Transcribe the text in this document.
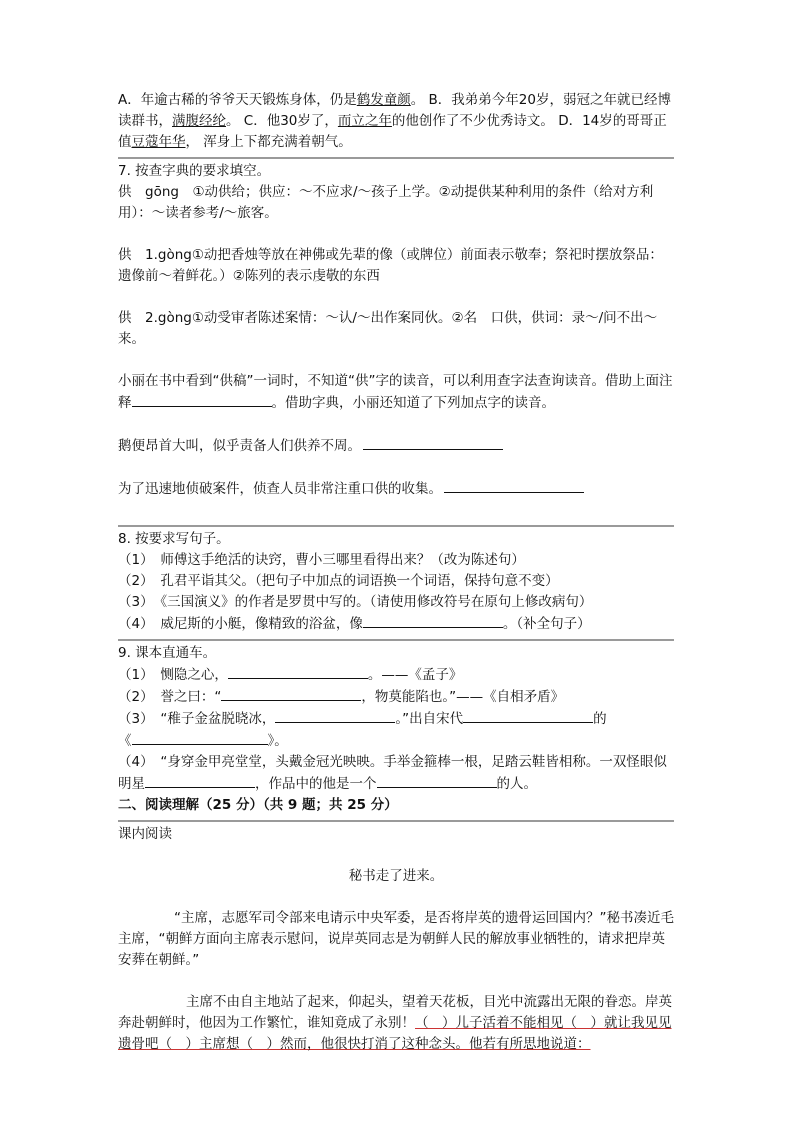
A．年逾古稀的爷爷天天锻炼身体，仍是鹤发童颜。 B．我弟弟今年20岁，弱冠之年就已经博读群书，满腹经纶。 C．他30岁了，而立之年的他创作了不少优秀诗文。 D．14岁的哥哥正值豆蔻年华， 浑身上下都充满着朝气。

7. 按查字典的要求填空。

供　gōng　①动供给；供应：～不应求/～孩子上学。②动提供某种利用的条件（给对方利用）：～读者参考/～旅客。

供　1.gòng①动把香烛等放在神佛或先辈的像（或牌位）前面表示敬奉；祭祀时摆放祭品：遗像前～着鲜花。）②陈列的表示虔敬的东西

供　2.gòng①动受审者陈述案情：～认/～出作案同伙。②名　口供，供词：录～/问不出～来。

小丽在书中看到“供稿”一词时，不知道“供”字的读音，可以利用查字法查询读音。借助上面注释	。借助字典，小丽还知道了下列加点字的读音。

鹅便昂首大叫，似乎责备人们供养不周。

为了迅速地侦破案件，侦查人员非常注重口供的收集。

8. 按要求写句子。

（1）　师傅这手绝活的诀窍，曹小三哪里看得出来？（改为陈述句）

（2）　孔君平诣其父。（把句子中加点的词语换一个词语，保持句意不变）

（3）　《三国演义》的作者是罗贯中写的。（请使用修改符号在原句上修改病句）

（4）　威尼斯的小艇，像精致的浴盆，像	。（补全句子）

9. 课本直通车。

（1）　恻隐之心，	。——《孟子》

（2）　誉之曰：“	，物莫能陷也。”——《自相矛盾》

（3）　“稚子金盆脱晓冰，	。”出自宋代	的

《	》。

（4）　“身穿金甲亮堂堂，头戴金冠光映映。手举金箍棒一根，足踏云鞋皆相称。一双怪眼似明星	，作品中的他是一个	的人。

二、阅读理解（25 分）（共 9 题；共 25 分）

课内阅读

秘书走了进来。

“主席，志愿军司令部来电请示中央军委，是否将岸英的遗骨运回国内？”秘书凑近毛主席，“朝鲜方面向主席表示慰问，说岸英同志是为朝鲜人民的解放事业牺牲的，请求把岸英安葬在朝鲜。”

主席不由自主地站了起来，仰起头，望着天花板，目光中流露出无限的眷恋。岸英奔赴朝鲜时，他因为工作繁忙，谁知竟成了永别！（　）儿子活着不能相见（　）就让我见见遗骨吧（　）主席想（　）然而，他很快打消了这种念头。他若有所思地说道：
